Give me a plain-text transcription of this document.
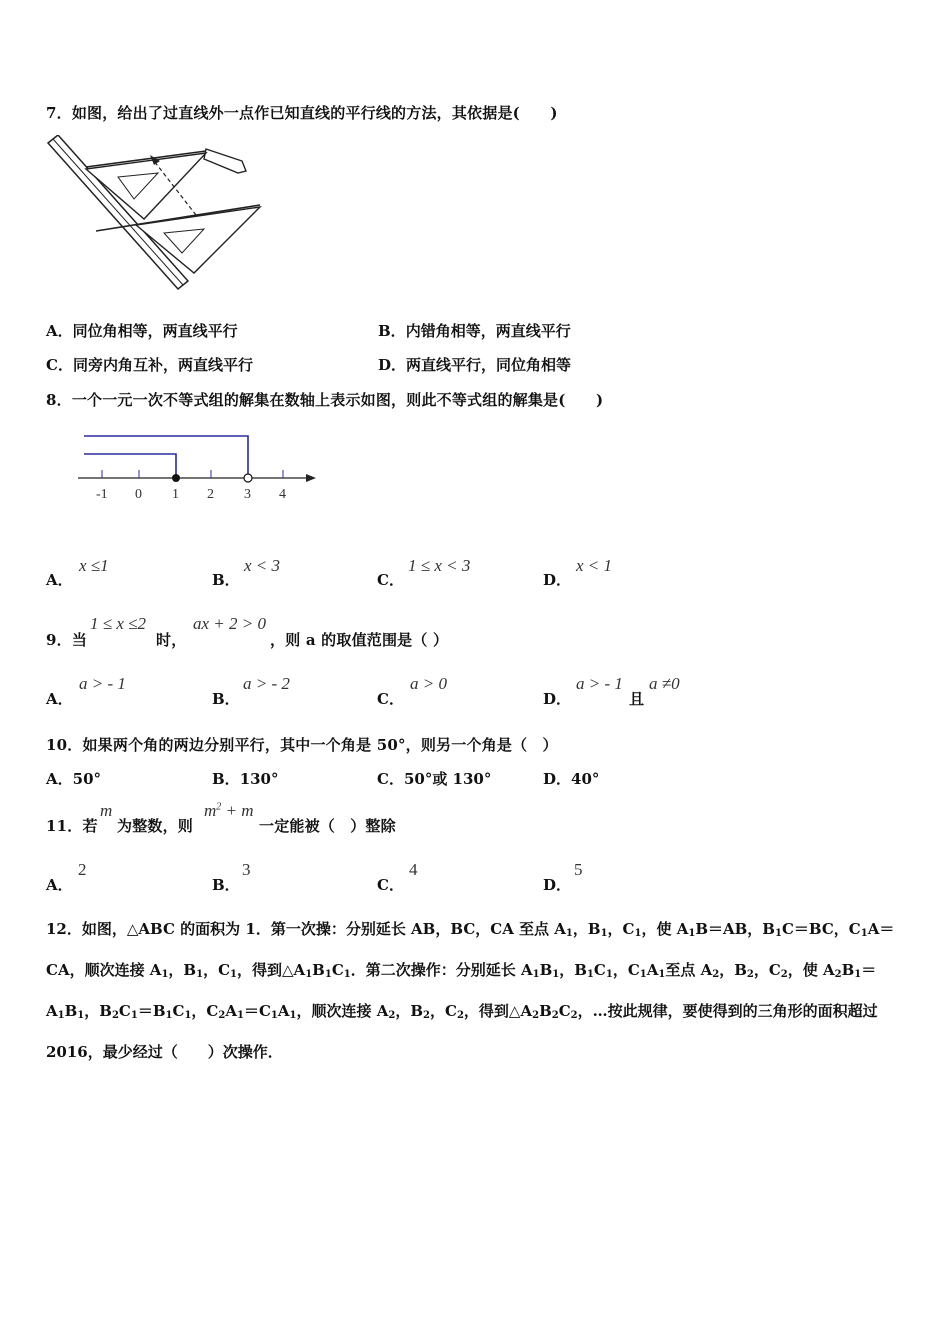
7．如图，给出了过直线外一点作已知直线的平行线的方法，其依据是(　　)
A．同位角相等，两直线平行	B．内错角相等，两直线平行
C．同旁内角互补，两直线平行	D．两直线平行，同位角相等
8．一个一元一次不等式组的解集在数轴上表示如图，则此不等式组的解集是(　　)
-1 0 1 2 3 4
A．
x ≤1
B．
x < 3
C．
1 ≤ x < 3
D．
x < 1
9．当
1 ≤ x ≤2
时，
ax + 2 > 0
，则 a 的取值范围是（ ）
A．
a > - 1
B．
a > - 2
C．
a > 0
D．
a > - 1
且
a ≠0
10．如果两个角的两边分别平行，其中一个角是 50°，则另一个角是（　）
A．50°	B．130°	C．50°或 130°	D．40°
11．若
m
为整数，则
$m^2 + m$
一定能被（　）整除
A．
2
B．
3
C．
4
D．
5
12．如图，△ABC 的面积为 1．第一次操：分别延长 AB，BC，CA 至点 $A_1$，$B_1$，$C_1$，使 $A_1B=AB$，$B_1C=BC$，$C_1A=CA$，顺次连接 $A_1$，$B_1$，$C_1$，得到$\triangle A_1B_1C_1$．第二次操作：分别延长 $A_1B_1$，$B_1C_1$，$C_1A_1$至点 $A_2$，$B_2$，$C_2$，使 $A_2B_1=A_1B_1$，$B_2C_1=B_1C_1$，$C_2A_1=C_1A_1$，顺次连接 $A_2$，$B_2$，$C_2$，得到$\triangle A_2B_2C_2$，…按此规律，要使得到的三角形的面积超过 2016，最少经过（　　）次操作．
